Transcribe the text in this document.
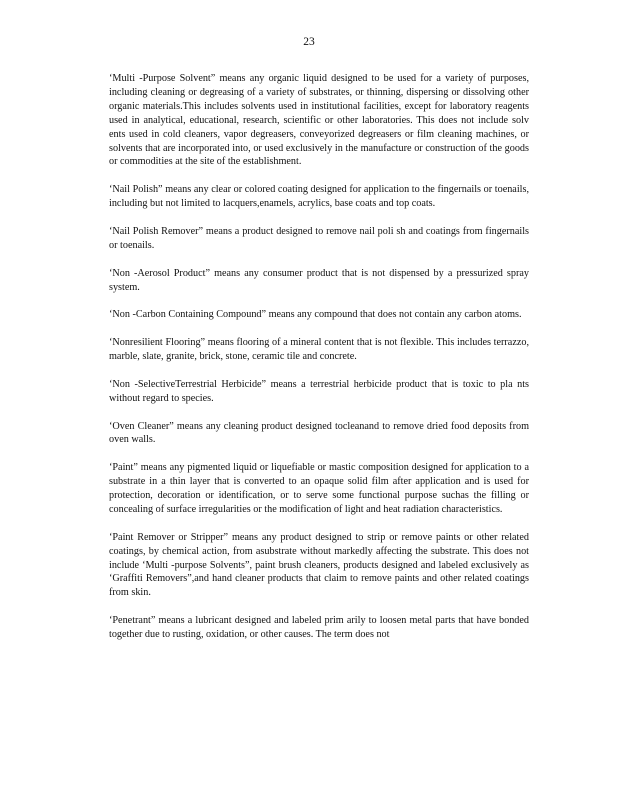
23

‘Multi -Purpose Solvent” means any organic liquid designed to be used for a variety of purposes, including cleaning or degreasing of a variety of substrates, or thinning, dispersing or dissolving other organic materials.This includes solvents used in institutional facilities, except for laboratory reagents used in analytical, educational, research, scientific or other laboratories. This does not include solv ents used in cold cleaners, vapor degreasers, conveyorized degreasers or film cleaning machines, or solvents that are incorporated into, or used exclusively in the manufacture or construction of the goods or commodities at the site of the establishment.

‘Nail Polish” means any clear or colored coating designed for application to the fingernails or toenails, including but not limited to lacquers,enamels, acrylics, base coats and top coats.

‘Nail Polish Remover” means a product designed to remove nail poli sh and coatings from fingernails or toenails.

‘Non -Aerosol Product” means any consumer product that is not dispensed by a pressurized spray system.

‘Non -Carbon Containing Compound” means any compound that does not contain any carbon atoms.

‘Nonresilient Flooring” means flooring of a mineral content that is not flexible. This includes terrazzo, marble, slate, granite, brick, stone, ceramic tile and concrete.

‘Non -SelectiveTerrestrial Herbicide” means a terrestrial herbicide product that is toxic to pla nts without regard to species.

‘Oven Cleaner” means any cleaning product designed tocleanand to remove dried food deposits from oven walls.

‘Paint” means any pigmented liquid or liquefiable or mastic composition designed for application to a substrate in a thin layer that is converted to an opaque solid film after application and is used for protection, decoration or identification, or to serve some functional purpose suchas the filling or concealing of surface irregularities or the modification of light and heat radiation characteristics.

‘Paint Remover or Stripper” means any product designed to strip or remove paints or other related coatings, by chemical action, from asubstrate without markedly affecting the substrate. This does not include ‘Multi -purpose Solvents”, paint brush cleaners, products designed and labeled exclusively as ‘Graffiti Removers”,and hand cleaner products that claim to remove paints and other related coatings from skin.

‘Penetrant” means a lubricant designed and labeled prim arily to loosen metal parts that have bonded together due to rusting, oxidation, or other causes. The term does not
